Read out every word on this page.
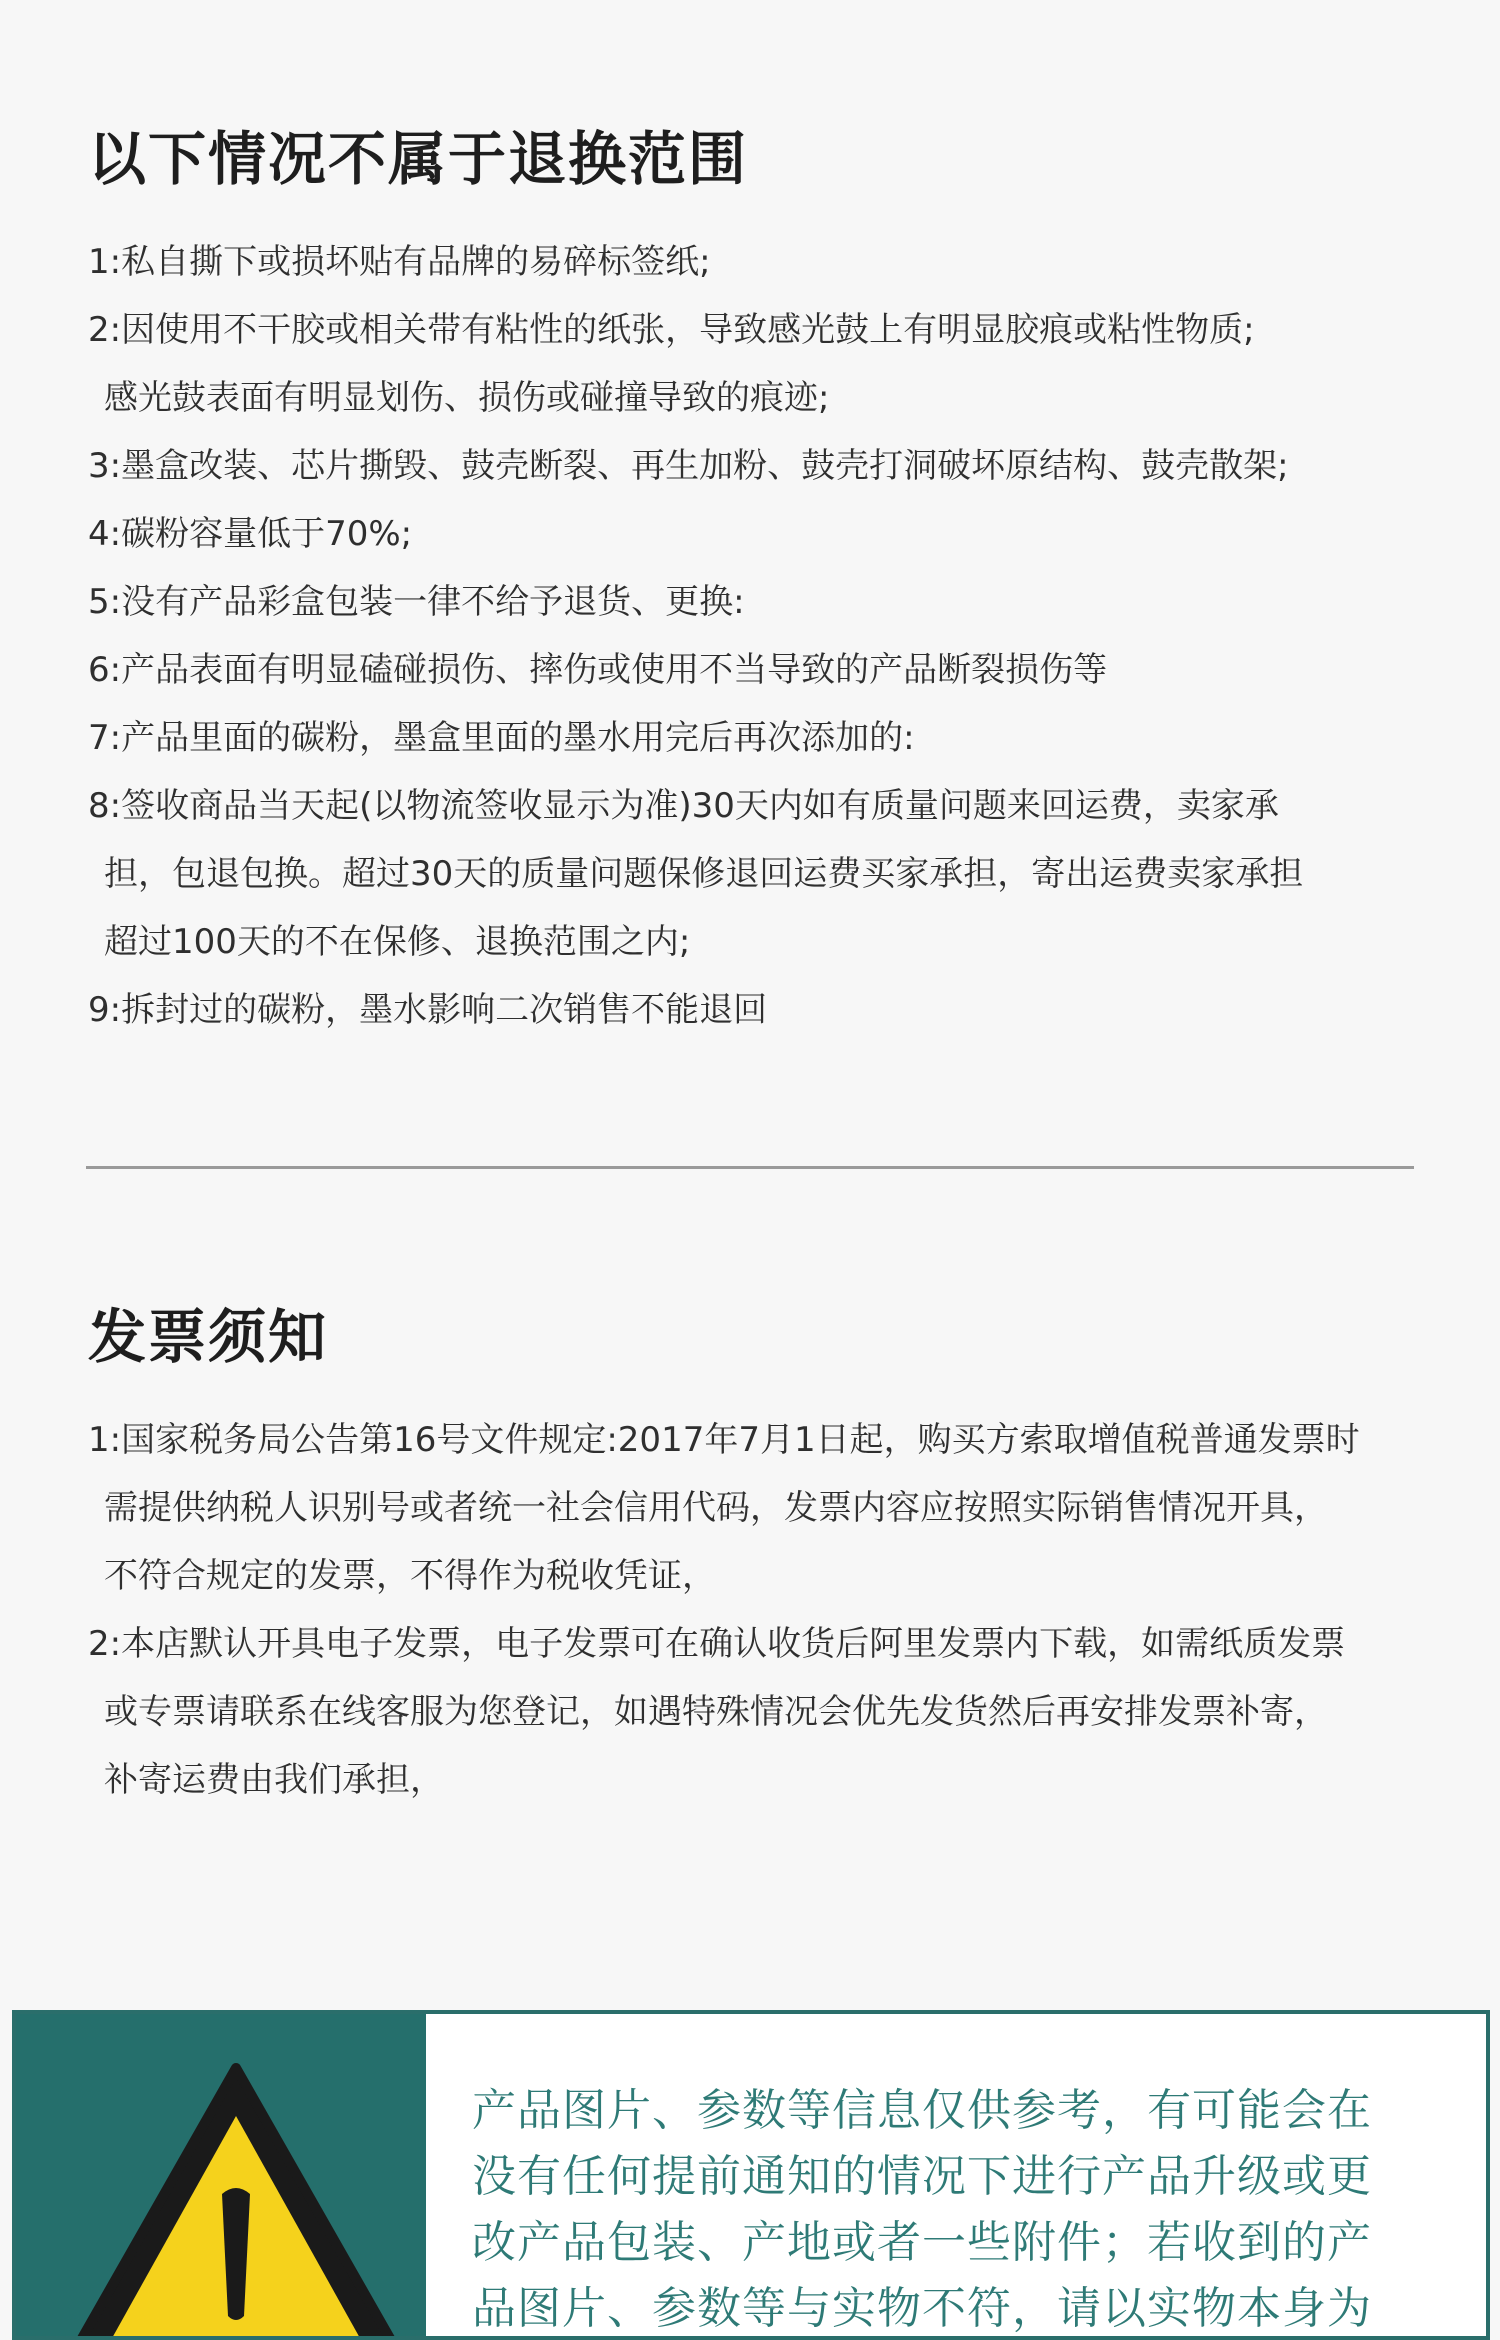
以下情况不属于退换范围
1:私自撕下或损坏贴有品牌的易碎标签纸;
2:因使用不干胶或相关带有粘性的纸张，导致感光鼓上有明显胶痕或粘性物质;
感光鼓表面有明显划伤、损伤或碰撞导致的痕迹;
3:墨盒改装、芯片撕毁、鼓壳断裂、再生加粉、鼓壳打洞破坏原结构、鼓壳散架;
4:碳粉容量低于70%;
5:没有产品彩盒包装一律不给予退货、更换:
6:产品表面有明显磕碰损伤、摔伤或使用不当导致的产品断裂损伤等
7:产品里面的碳粉，墨盒里面的墨水用完后再次添加的:
8:签收商品当天起(以物流签收显示为准)30天内如有质量问题来回运费，卖家承
担，包退包换。超过30天的质量问题保修退回运费买家承担，寄出运费卖家承担
超过100天的不在保修、退换范围之内;
9:拆封过的碳粉，墨水影响二次销售不能退回
发票须知
1:国家税务局公告第16号文件规定:2017年7月1日起，购买方索取增值税普通发票时
需提供纳税人识别号或者统一社会信用代码，发票内容应按照实际销售情况开具，
不符合规定的发票，不得作为税收凭证，
2:本店默认开具电子发票，电子发票可在确认收货后阿里发票内下载，如需纸质发票
或专票请联系在线客服为您登记，如遇特殊情况会优先发货然后再安排发票补寄，
补寄运费由我们承担，

产品图片、参数等信息仅供参考，有可能会在
没有任何提前通知的情况下进行产品升级或更
改产品包装、产地或者一些附件；若收到的产
品图片、参数等与实物不符，请以实物本身为
